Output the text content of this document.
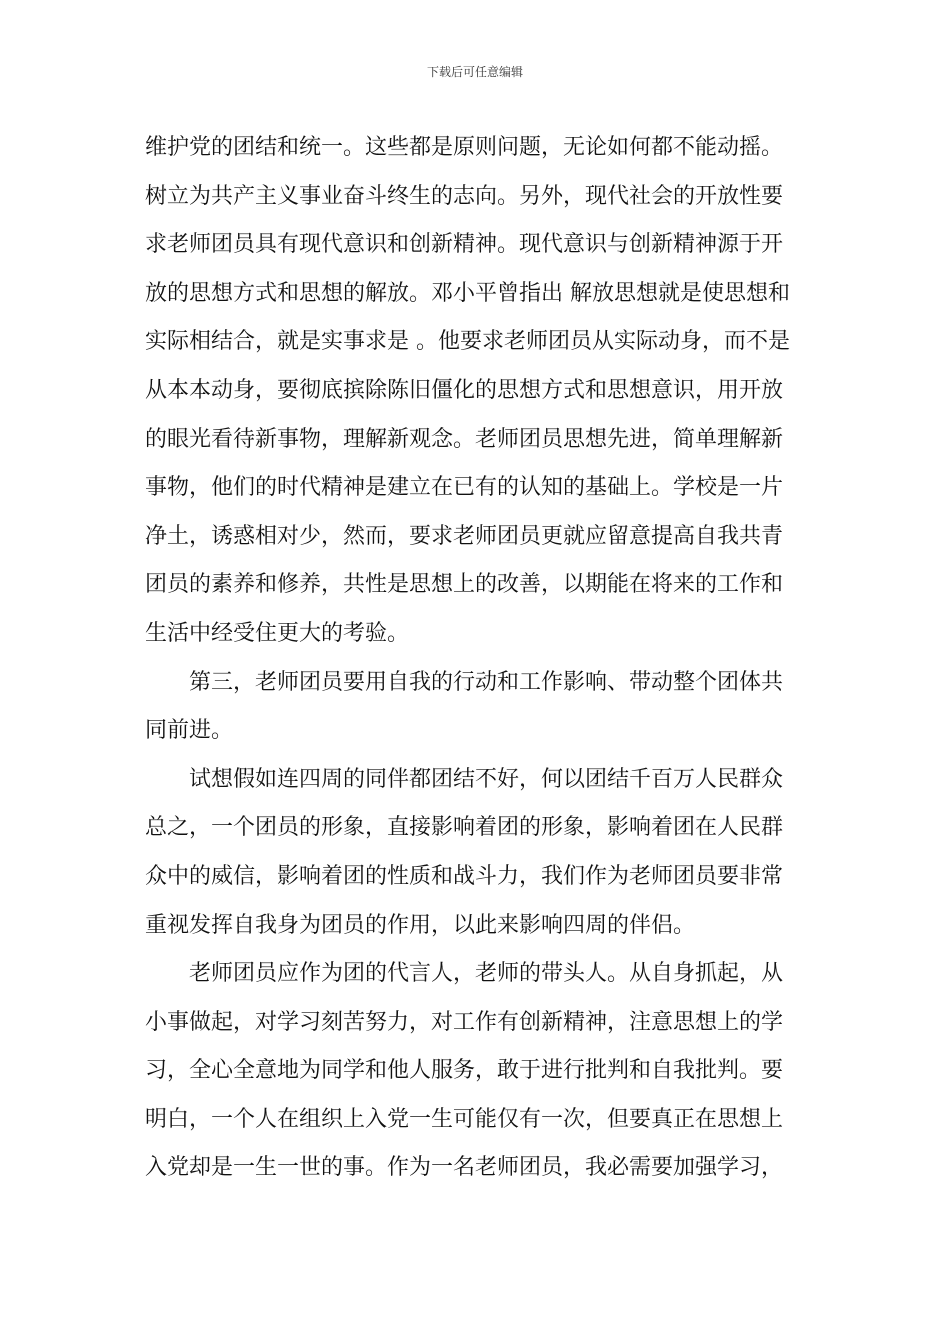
下载后可任意编辑
维护党的团结和统一。这些都是原则问题，无论如何都不能动摇。
树立为共产主义事业奋斗终生的志向。另外，现代社会的开放性要
求老师团员具有现代意识和创新精神。现代意识与创新精神源于开
放的思想方式和思想的解放。邓小平曾指出 解放思想就是使思想和
实际相结合，就是实事求是 。他要求老师团员从实际动身，而不是
从本本动身，要彻底摈除陈旧僵化的思想方式和思想意识，用开放
的眼光看待新事物，理解新观念。老师团员思想先进，简单理解新
事物，他们的时代精神是建立在已有的认知的基础上。学校是一片
净土，诱惑相对少，然而，要求老师团员更就应留意提高自我共青
团员的素养和修养，共性是思想上的改善，以期能在将来的工作和
生活中经受住更大的考验。
　　第三，老师团员要用自我的行动和工作影响、带动整个团体共
同前进。
　　试想假如连四周的同伴都团结不好，何以团结千百万人民群众
总之，一个团员的形象，直接影响着团的形象，影响着团在人民群
众中的威信，影响着团的性质和战斗力，我们作为老师团员要非常
重视发挥自我身为团员的作用，以此来影响四周的伴侣。
　　老师团员应作为团的代言人，老师的带头人。从自身抓起，从
小事做起，对学习刻苦努力，对工作有创新精神，注意思想上的学
习，全心全意地为同学和他人服务，敢于进行批判和自我批判。要
明白，一个人在组织上入党一生可能仅有一次，但要真正在思想上
入党却是一生一世的事。作为一名老师团员，我必需要加强学习，
